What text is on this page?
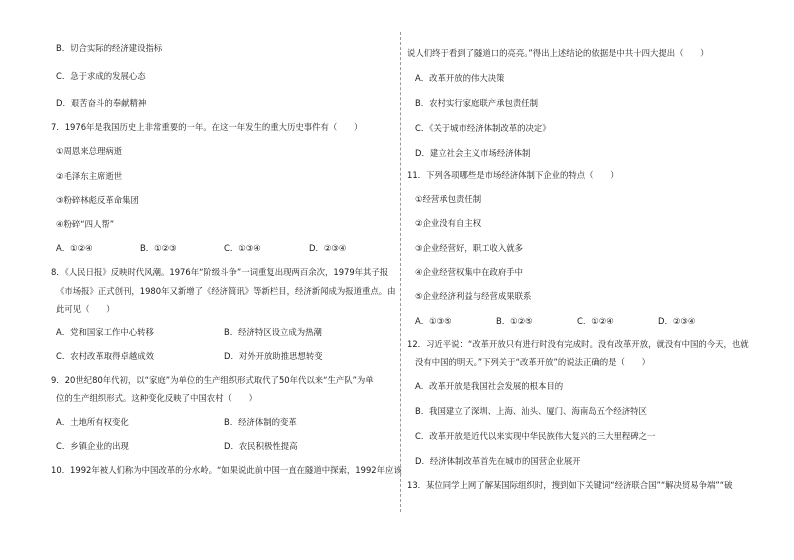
B．切合实际的经济建设指标
C．急于求成的发展心态
D．艰苦奋斗的奉献精神
7．1976年是我国历史上非常重要的一年。在这一年发生的重大历史事件有（　　）
①周恩来总理病逝
②毛泽东主席逝世
③粉碎林彪反革命集团
④粉碎“四人帮”
A．①②④	B．①②③	C．①③④	D．②③④
8．《人民日报》反映时代风潮。1976年“阶级斗争”一词重复出现两百余次，1979年其子报
《市场报》正式创刊，1980年又新增了《经济简讯》等新栏目，经济新闻成为报道重点。由
此可见（　　）
A．党和国家工作中心转移	B．经济特区设立成为热潮
C．农村改革取得卓越成效	D．对外开放助推思想转变
9．20世纪80年代初，以“家庭”为单位的生产组织形式取代了50年代以来“生产队”为单
位的生产组织形式。这种变化反映了中国农村（　　）
A．土地所有权变化	B．经济体制的变革
C．乡镇企业的出现	D．农民积极性提高
10．1992年被人们称为中国改革的分水岭。“如果说此前中国一直在隧道中探索，1992年应该
说人们终于看到了隧道口的亮亮。”得出上述结论的依据是中共十四大提出（　　）
A．改革开放的伟大决策
B．农村实行家庭联产承包责任制
C．《关于城市经济体制改革的决定》
D．建立社会主义市场经济体制
11．下列各项哪些是市场经济体制下企业的特点（　　）
①经营承包责任制
②企业没有自主权
③企业经营好，职工收入就多
④企业经营权集中在政府手中
⑤企业经济利益与经营成果联系
A．①③⑤	B．①②⑤	C．①②④	D．②③④
12．习近平说：“改革开放只有进行时没有完成时。没有改革开放，就没有中国的今天，也就
没有中国的明天。”下列关于“改革开放”的说法正确的是（　　）
A．改革开放是我国社会发展的根本目的
B．我国建立了深圳、上海、汕头、厦门、海南岛五个经济特区
C．改革开放是近代以来实现中华民族伟大复兴的三大里程碑之一
D．经济体制改革首先在城市的国营企业展开
13．某位同学上网了解某国际组织时，搜到如下关键词“经济联合国”“解决贸易争端”“破
